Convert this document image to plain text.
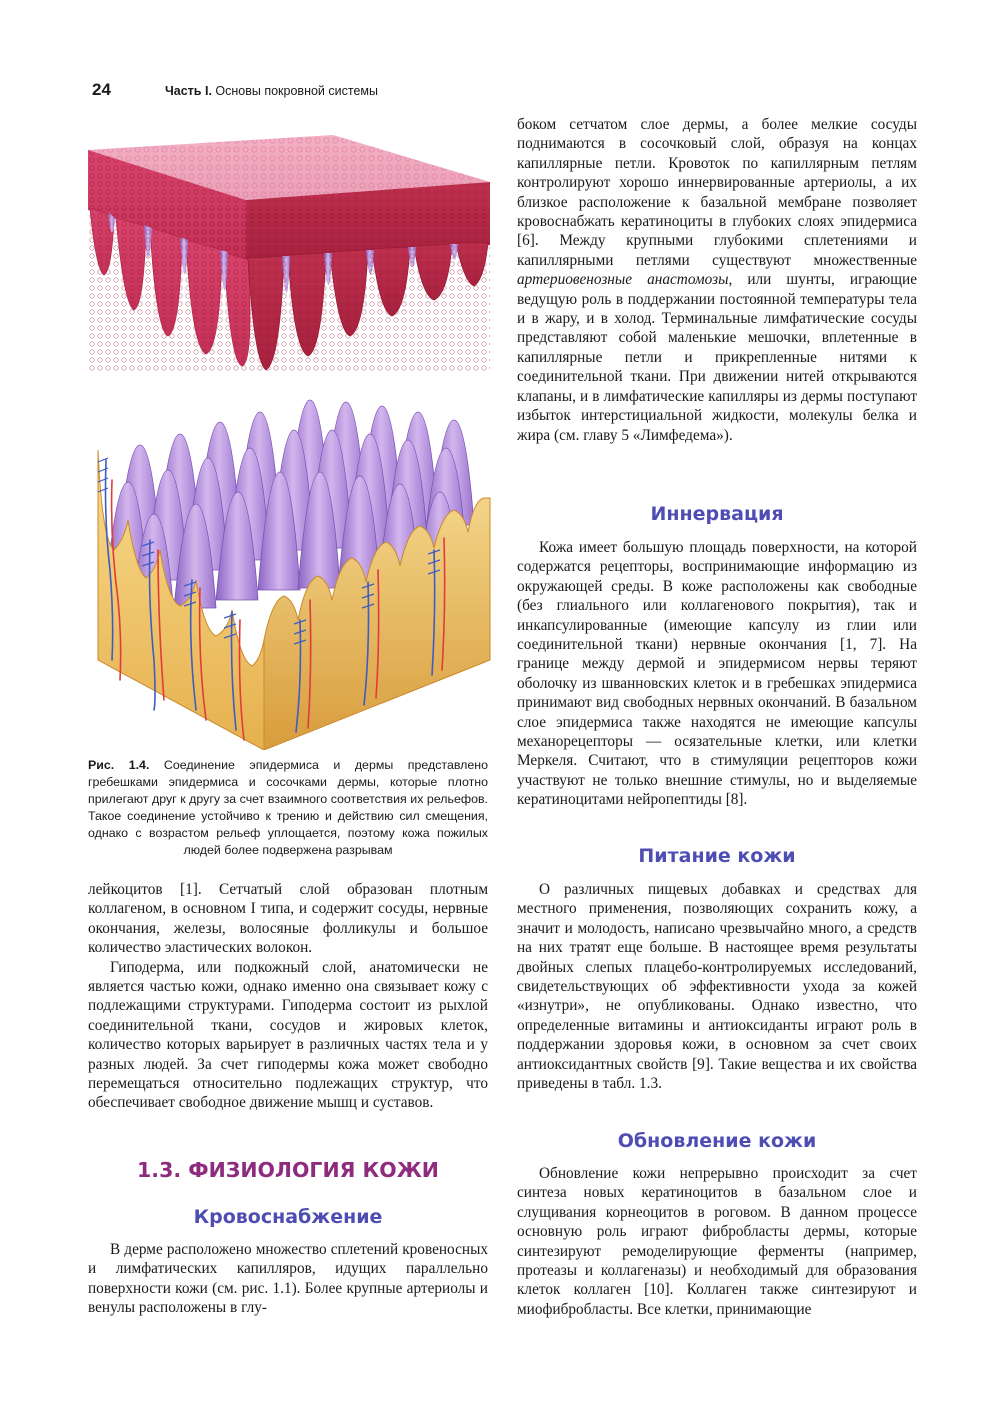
24	Часть I. Основы покровной системы
Рис. 1.4. Соединение эпидермиса и дермы представлено гребешками эпидермиса и сосочками дермы, которые плотно прилегают друг к другу за счет взаимного соответствия их рельефов. Такое соединение устойчиво к трению и действию сил смещения, однако с возрастом рельеф уплощается, поэтому кожа пожилых людей более подвержена разрывам

лейкоцитов [1]. Сетчатый слой образован плотным коллагеном, в основном I типа, и содержит сосуды, нервные окончания, железы, волосяные фолликулы и большое количество эластических волокон.

Гиподерма, или подкожный слой, анатомически не является частью кожи, однако именно она связывает кожу с подлежащими структурами. Гиподерма состоит из рыхлой соединительной ткани, сосудов и жировых клеток, количество которых варьирует в различных частях тела и у разных людей. За счет гиподермы кожа может свободно перемещаться относительно подлежащих структур, что обеспечивает свободное движение мышц и суставов.

1.3. ФИЗИОЛОГИЯ КОЖИ
Кровоснабжение

В дерме расположено множество сплетений кровеносных и лимфатических капилляров, идущих параллельно поверхности кожи (см. рис. 1.1). Более крупные артериолы и венулы расположены в глу-

боком сетчатом слое дермы, а более мелкие сосуды поднимаются в сосочковый слой, образуя на концах капиллярные петли. Кровоток по капиллярным петлям контролируют хорошо иннервированные артериолы, а их близкое расположение к базальной мембране позволяет кровоснабжать кератиноциты в глубоких слоях эпидермиса [6]. Между крупными глубокими сплетениями и капиллярными петлями существуют множественные артериовенозные анастомозы, или шунты, играющие ведущую роль в поддержании постоянной температуры тела и в жару, и в холод. Терминальные лимфатические сосуды представляют собой маленькие мешочки, вплетенные в капиллярные петли и прикрепленные нитями к соединительной ткани. При движении нитей открываются клапаны, и в лимфатические капилляры из дермы поступают избыток интерстициальной жидкости, молекулы белка и жира (см. главу 5 «Лимфедема»).

Иннервация

Кожа имеет большую площадь поверхности, на которой содержатся рецепторы, воспринимающие информацию из окружающей среды. В коже расположены как свободные (без глиального или коллагенового покрытия), так и инкапсулированные (имеющие капсулу из глии или соединительной ткани) нервные окончания [1, 7]. На границе между дермой и эпидермисом нервы теряют оболочку из шванновских клеток и в гребешках эпидермиса принимают вид свободных нервных окончаний. В базальном слое эпидермиса также находятся не имеющие капсулы механорецепторы — осязательные клетки, или клетки Меркеля. Считают, что в стимуляции рецепторов кожи участвуют не только внешние стимулы, но и выделяемые кератиноцитами нейропептиды [8].

Питание кожи

О различных пищевых добавках и средствах для местного применения, позволяющих сохранить кожу, а значит и молодость, написано чрезвычайно много, а средств на них тратят еще больше. В настоящее время результаты двойных слепых плацебо-контролируемых исследований, свидетельствующих об эффективности ухода за кожей «изнутри», не опубликованы. Однако известно, что определенные витамины и антиоксиданты играют роль в поддержании здоровья кожи, в основном за счет своих антиоксидантных свойств [9]. Такие вещества и их свойства приведены в табл. 1.3.

Обновление кожи

Обновление кожи непрерывно происходит за счет синтеза новых кератиноцитов в базальном слое и слущивания корнеоцитов в роговом. В данном процессе основную роль играют фибробласты дермы, которые синтезируют ремоделирующие ферменты (например, протеазы и коллагеназы) и необходимый для образования клеток коллаген [10]. Коллаген также синтезируют и миофибробласты. Все клетки, принимающие
